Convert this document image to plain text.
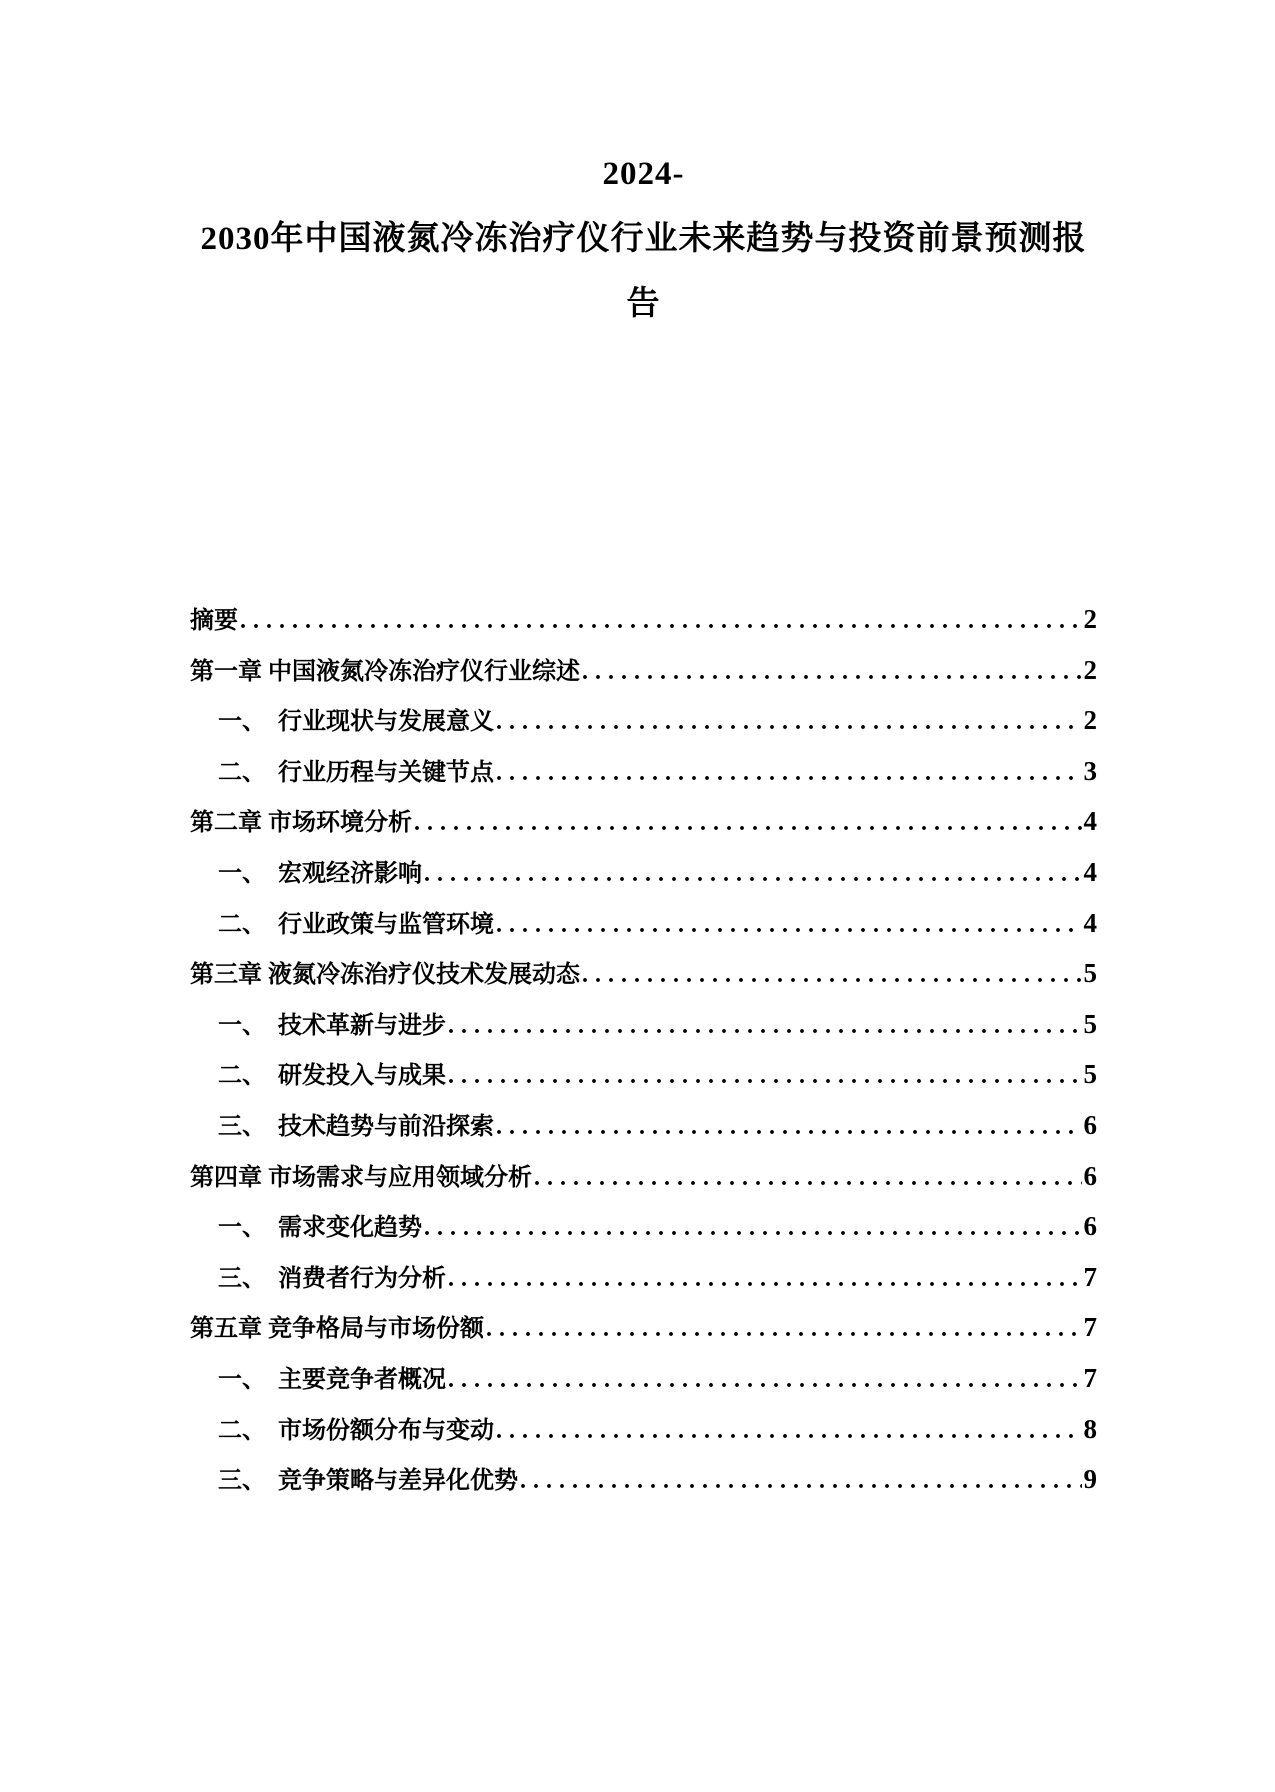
2024-
2030年中国液氮冷冻治疗仪行业未来趋势与投资前景预测报
告
摘要 .....	2
第一章 中国液氮冷冻治疗仪行业综述 .....	2
一、 行业现状与发展意义 .....	2
二、 行业历程与关键节点 .....	3
第二章 市场环境分析 .....	4
一、 宏观经济影响 .....	4
二、 行业政策与监管环境 .....	4
第三章 液氮冷冻治疗仪技术发展动态 .....	5
一、 技术革新与进步 .....	5
二、 研发投入与成果 .....	5
三、 技术趋势与前沿探索 .....	6
第四章 市场需求与应用领域分析 .....	6
一、 需求变化趋势 .....	6
三、 消费者行为分析 .....	7
第五章 竞争格局与市场份额 .....	7
一、 主要竞争者概况 .....	7
二、 市场份额分布与变动 .....	8
三、 竞争策略与差异化优势 .....	9
